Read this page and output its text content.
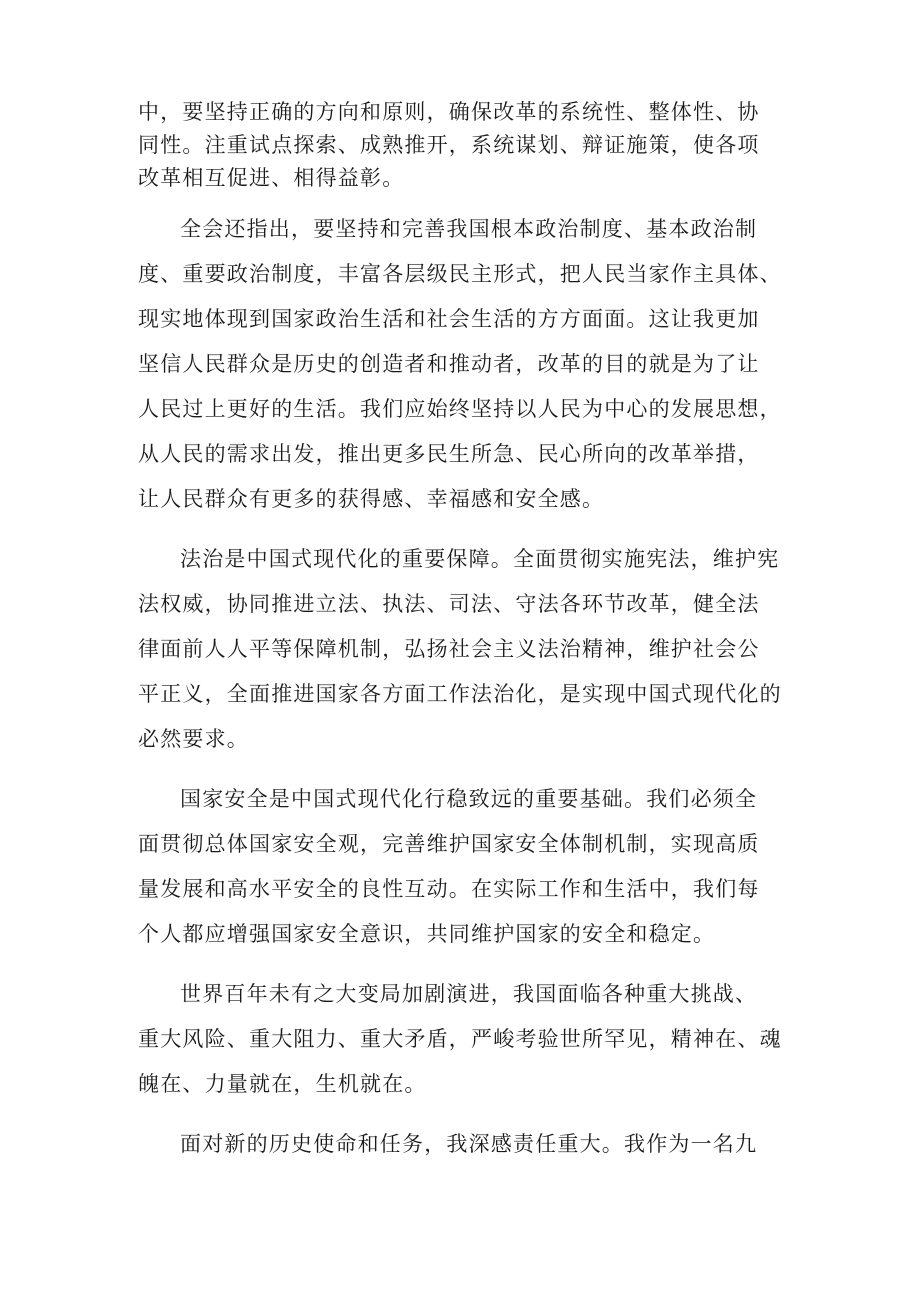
中，要坚持正确的方向和原则，确保改革的系统性、整体性、协
同性。注重试点探索、成熟推开，系统谋划、辩证施策，使各项
改革相互促进、相得益彰。

全会还指出，要坚持和完善我国根本政治制度、基本政治制
度、重要政治制度，丰富各层级民主形式，把人民当家作主具体、
现实地体现到国家政治生活和社会生活的方方面面。这让我更加
坚信人民群众是历史的创造者和推动者，改革的目的就是为了让
人民过上更好的生活。我们应始终坚持以人民为中心的发展思想，
从人民的需求出发，推出更多民生所急、民心所向的改革举措，
让人民群众有更多的获得感、幸福感和安全感。

法治是中国式现代化的重要保障。全面贯彻实施宪法，维护宪
法权威，协同推进立法、执法、司法、守法各环节改革，健全法
律面前人人平等保障机制，弘扬社会主义法治精神，维护社会公
平正义，全面推进国家各方面工作法治化，是实现中国式现代化的
必然要求。

国家安全是中国式现代化行稳致远的重要基础。我们必须全
面贯彻总体国家安全观，完善维护国家安全体制机制，实现高质
量发展和高水平安全的良性互动。在实际工作和生活中，我们每
个人都应增强国家安全意识，共同维护国家的安全和稳定。

世界百年未有之大变局加剧演进，我国面临各种重大挑战、
重大风险、重大阻力、重大矛盾，严峻考验世所罕见，精神在、魂
魄在、力量就在，生机就在。

面对新的历史使命和任务，我深感责任重大。我作为一名九
